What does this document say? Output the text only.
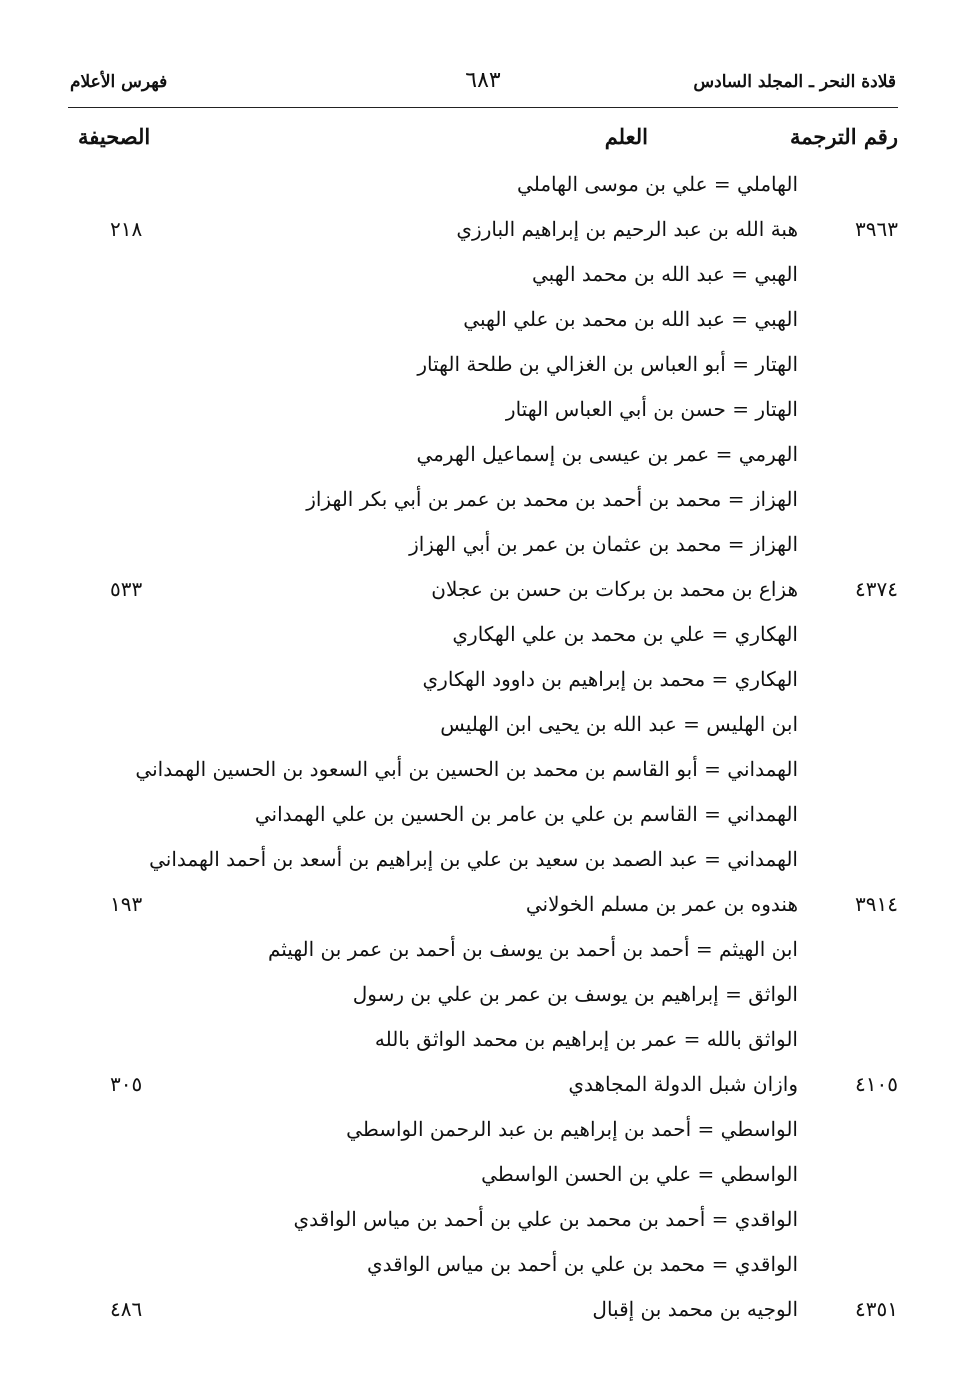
قلادة النحر ـ المجلد السادس
٦٨٣
فهرس الأعلام
رقم الترجمة
العلم
الصحيفة
الهاملي = علي بن موسى الهاملي
٣٩٦٣
هبة الله بن عبد الرحيم بن إبراهيم البارزي
٢١٨
الهبي = عبد الله بن محمد الهبي
الهبي = عبد الله بن محمد بن علي الهبي
الهتار = أبو العباس بن الغزالي بن طلحة الهتار
الهتار = حسن بن أبي العباس الهتار
الهرمي = عمر بن عيسى بن إسماعيل الهرمي
الهزاز = محمد بن أحمد بن محمد بن عمر بن أبي بكر الهزاز
الهزاز = محمد بن عثمان بن عمر بن أبي الهزاز
٤٣٧٤
هزاع بن محمد بن بركات بن حسن بن عجلان
٥٣٣
الهكاري = علي بن محمد بن علي الهكاري
الهكاري = محمد بن إبراهيم بن داوود الهكاري
ابن الهليس = عبد الله بن يحيى ابن الهليس
الهمداني = أبو القاسم بن محمد بن الحسين بن أبي السعود بن الحسين الهمداني
الهمداني = القاسم بن علي بن عامر بن الحسين بن علي الهمداني
الهمداني = عبد الصمد بن سعيد بن علي بن إبراهيم بن أسعد بن أحمد الهمداني
٣٩١٤
هندوه بن عمر بن مسلم الخولاني
١٩٣
ابن الهيثم = أحمد بن أحمد بن يوسف بن أحمد بن عمر بن الهيثم
الواثق = إبراهيم بن يوسف بن عمر بن علي بن رسول
الواثق بالله = عمر بن إبراهيم بن محمد الواثق بالله
٤١٠٥
وازان شبل الدولة المجاهدي
٣٠٥
الواسطي = أحمد بن إبراهيم بن عبد الرحمن الواسطي
الواسطي = علي بن الحسن الواسطي
الواقدي = أحمد بن محمد بن علي بن أحمد بن مياس الواقدي
الواقدي = محمد بن علي بن أحمد بن مياس الواقدي
٤٣٥١
الوجيه بن محمد بن إقبال
٤٨٦
